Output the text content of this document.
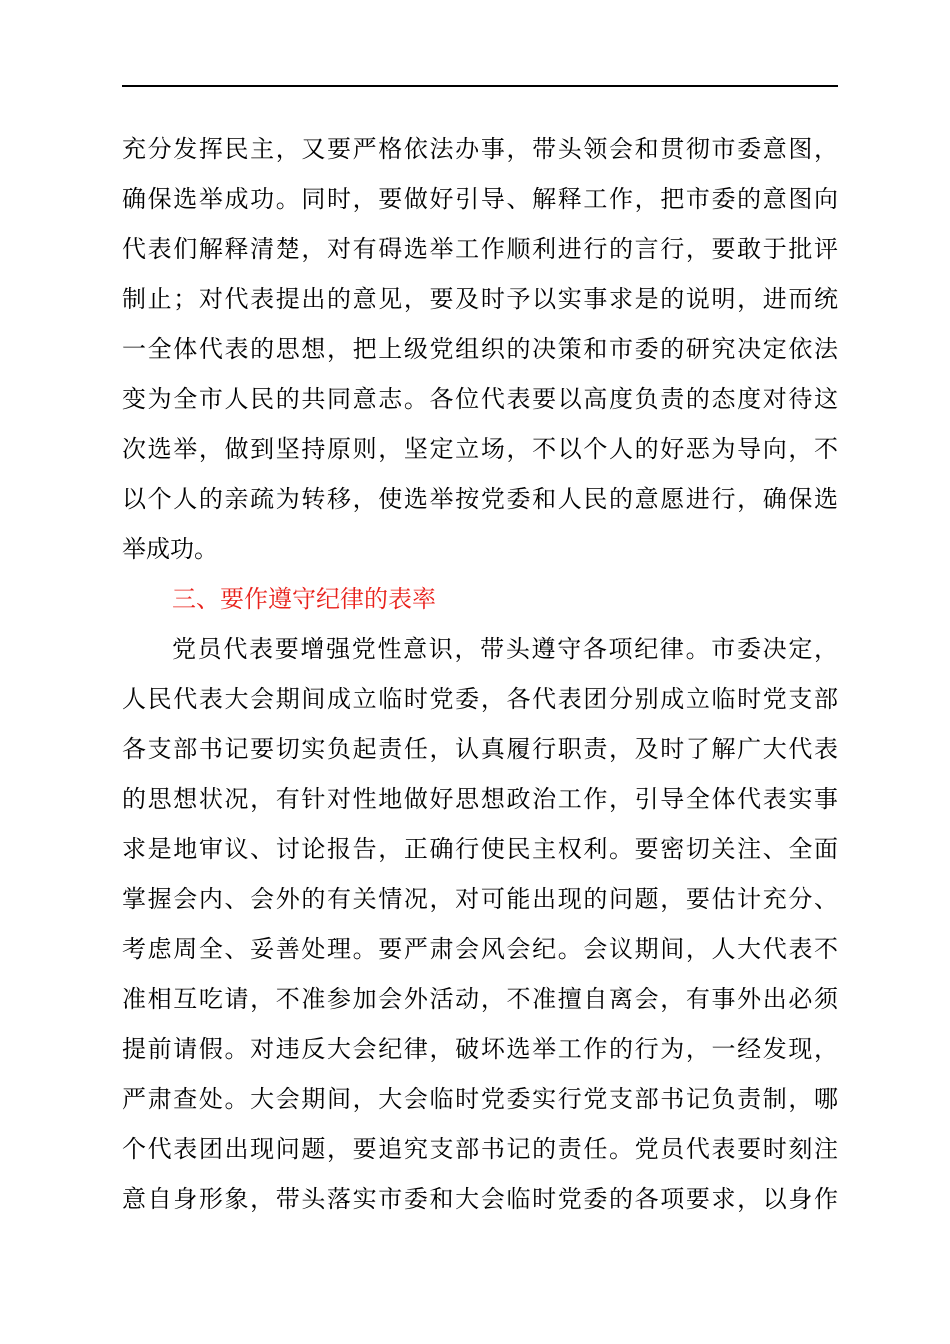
充分发挥民主，又要严格依法办事，带头领会和贯彻市委意图，
确保选举成功。同时，要做好引导、解释工作，把市委的意图向
代表们解释清楚，对有碍选举工作顺利进行的言行，要敢于批评
制止；对代表提出的意见，要及时予以实事求是的说明，进而统
一全体代表的思想，把上级党组织的决策和市委的研究决定依法
变为全市人民的共同意志。各位代表要以高度负责的态度对待这
次选举，做到坚持原则，坚定立场，不以个人的好恶为导向，不
以个人的亲疏为转移，使选举按党委和人民的意愿进行，确保选
举成功。
三、要作遵守纪律的表率
党员代表要增强党性意识，带头遵守各项纪律。市委决定，
人民代表大会期间成立临时党委，各代表团分别成立临时党支部
各支部书记要切实负起责任，认真履行职责，及时了解广大代表
的思想状况，有针对性地做好思想政治工作，引导全体代表实事
求是地审议、讨论报告，正确行使民主权利。要密切关注、全面
掌握会内、会外的有关情况，对可能出现的问题，要估计充分、
考虑周全、妥善处理。要严肃会风会纪。会议期间，人大代表不
准相互吃请，不准参加会外活动，不准擅自离会，有事外出必须
提前请假。对违反大会纪律，破坏选举工作的行为，一经发现，
严肃查处。大会期间，大会临时党委实行党支部书记负责制，哪
个代表团出现问题，要追究支部书记的责任。党员代表要时刻注
意自身形象，带头落实市委和大会临时党委的各项要求，以身作
